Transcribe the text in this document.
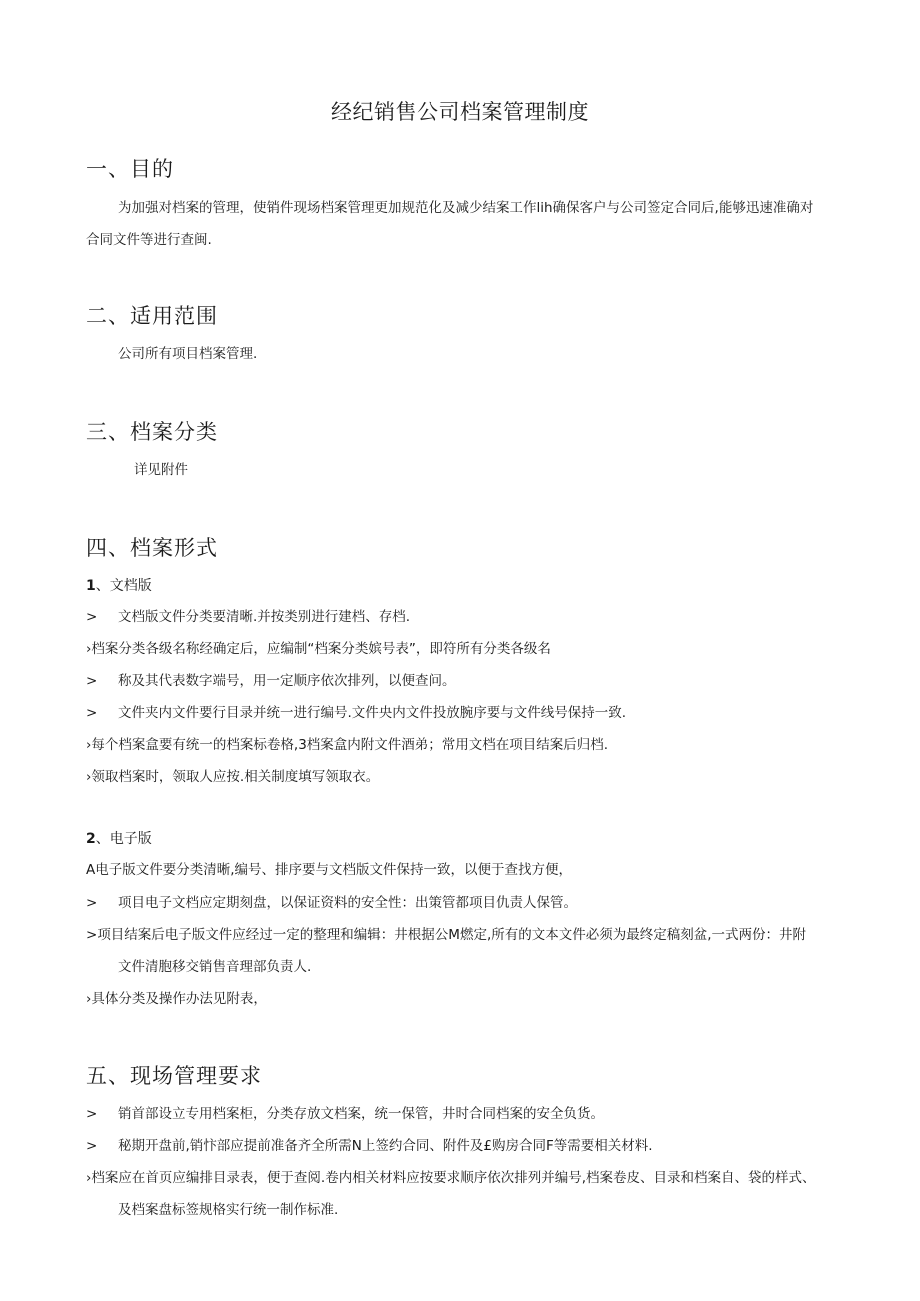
经纪销售公司档案管理制度
一、目的
为加强对档案的管理，使销件现场档案管理更加规范化及减少结案工作lih确保客户与公司签定合同后,能够迅速准确对
合同文件等进行查闽.
二、适用范围
公司所有项目档案管理.
三、档案分类
详见附件
四、档案形式
1、文档版
> 文档版文件分类要清晰.并按类别进行建档、存档.
›档案分类各级名称经确定后，应编制“档案分类嫔号表”，即符所有分类各级名
> 称及其代表数字端号，用一定顺序依次排列，以便查问。
> 文件夹内文件要行目录并统一进行编号.文件央内文件投放腕序要与文件线号保持一致.
›每个档案盒要有统一的档案标卷格,3档案盒内附文件酒弟；常用文档在项目结案后归档.
›领取档案时，领取人应按.相关制度填写领取衣。
2、电子版
A电子版文件要分类清晰,编号、排序要与文档版文件保持一致，以便于查找方便，
> 项目电子文档应定期刻盘，以保证资料的安全性：出策管都项目仇责人保管。
>项目结案后电子版文件应经过一定的整理和编辑：井根据公M燃定,所有的文本文件必须为最终定稿刻盆,一式两份：井附
文件清胞移交销售音理部负责人.
›具体分类及操作办法见附表，
五、现场管理要求
> 销首部设立专用档案柜，分类存放文档案，统一保管，井时合同档案的安全负货。
> 秘期开盘前,销忭部应提前准备齐全所需N上签约合同、附件及£购房合同F等需要相关材料.
›档案应在首页应编排目录表，便于查阅.卷内相关材料应按要求顺序依次排列并编号,档案卷皮、目录和档案自、袋的样式、
及档案盘标签规格实行统一制作标准.
